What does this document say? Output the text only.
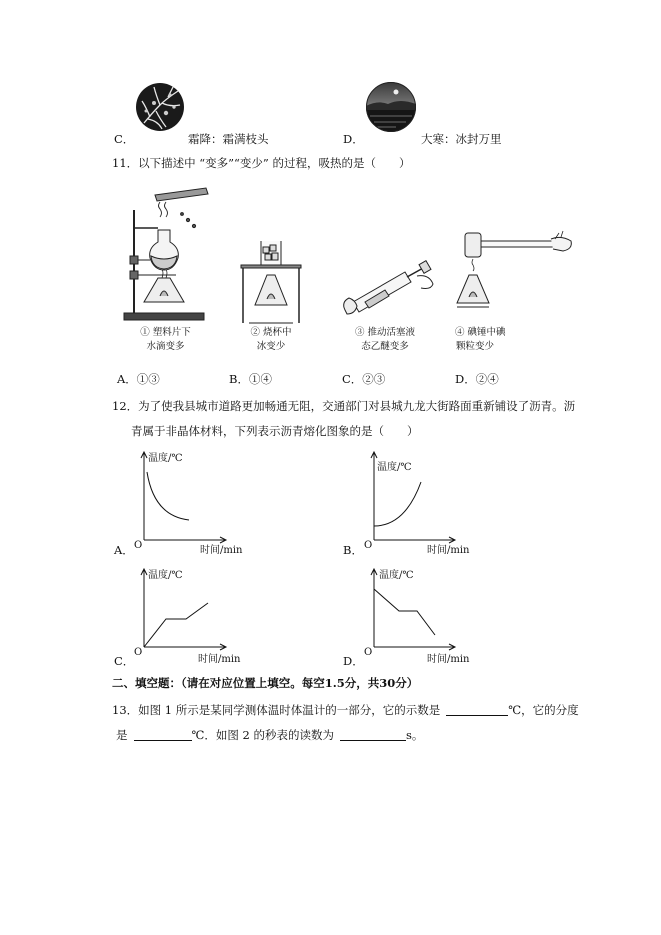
C．	霜降：霜满枝头	D．	大寒：冰封万里
11．以下描述中 “变多”“变少” 的过程，吸热的是（　　）
① 塑料片下
水滴变多
② 烧杯中
冰变少
③ 推动活塞液
态乙醚变多
④ 碘锤中碘
颗粒变少
A．①③	B．①④	C．②③	D．②④
12．为了使我县城市道路更加畅通无阻，交通部门对县城九龙大街路面重新铺设了沥青。沥
青属于非晶体材料，下列表示沥青熔化图象的是（　　）
A． O
温度/℃
时间/min	B． O
温度/℃
时间/min
C．
O
温度/℃
时间/min	D．
O
温度/℃
时间/min
二、填空题：（请在对应位置上填空。每空1.5分，共30分）
13．如图 1 所示是某同学测体温时体温计的一部分，它的示数是	℃，它的分度
是	℃．如图 2 的秒表的读数为	s。
